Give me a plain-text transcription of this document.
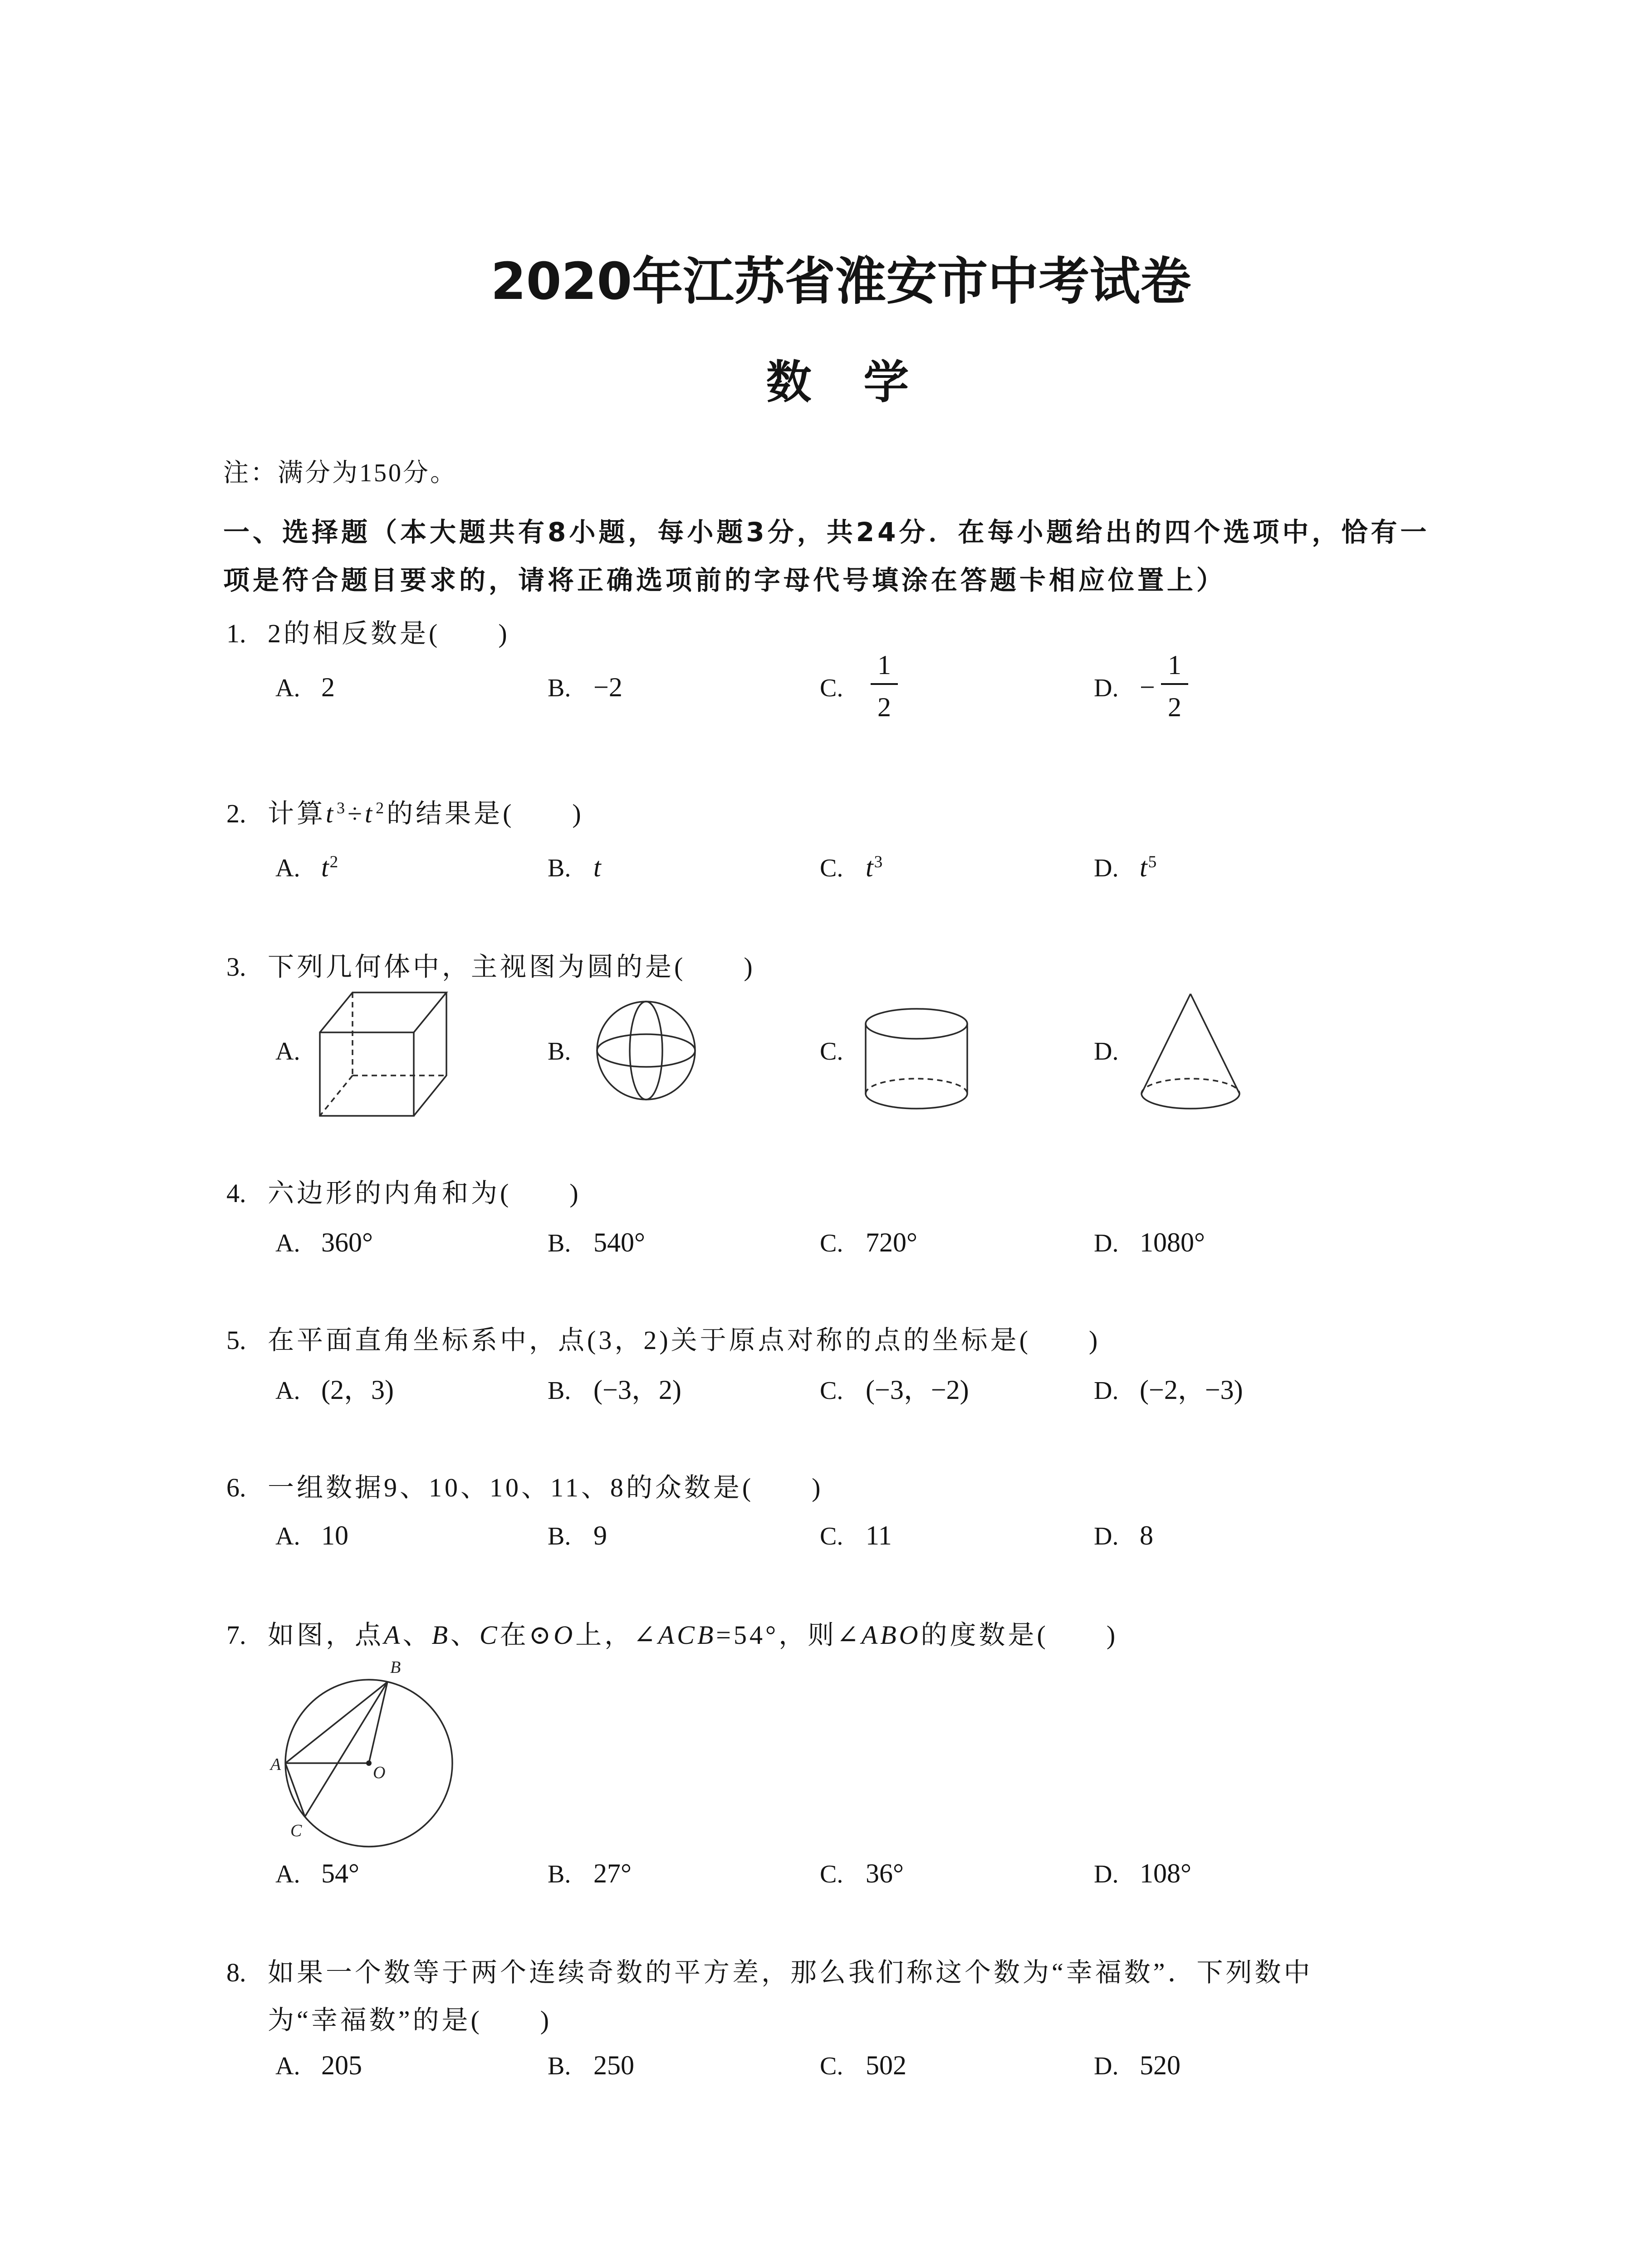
2020年江苏省淮安市中考试卷
数  学
注：满分为150分。
一、选择题（本大题共有8小题，每小题3分，共24分．在每小题给出的四个选项中，恰有一
项是符合题目要求的，请将正确选项前的字母代号填涂在答题卡相应位置上）
1. 2的相反数是(　　)
A. 2	B. −2	C.
1
2
D. −
1
2
2. 计算$t^3\div t^2$的结果是(　　)
A. $t^2$	B. t	C. $t^3$	D. $t^5$
3. 下列几何体中，主视图为圆的是(　　)
A.	B.	C.	D.
4. 六边形的内角和为(　　)
A. 360°	B. 540°	C. 720°	D. 1080°
5. 在平面直角坐标系中，点(3，2)关于原点对称的点的坐标是(　　)
A. (2，3)	B. (−3，2)	C. (−3，−2)	D. (−2，−3)
6. 一组数据9、10、10、11、8的众数是(　　)
A. 10	B. 9	C. 11	D. 8
7. 如图，点A、B、C在⊙O上，∠ACB=54°，则∠ABO的度数是(　　)
A
B
C
O
A. 54°	B. 27°	C. 36°	D. 108°
8. 如果一个数等于两个连续奇数的平方差，那么我们称这个数为“幸福数”．下列数中
为“幸福数”的是(　　)
A. 205	B. 250	C. 502	D. 520
